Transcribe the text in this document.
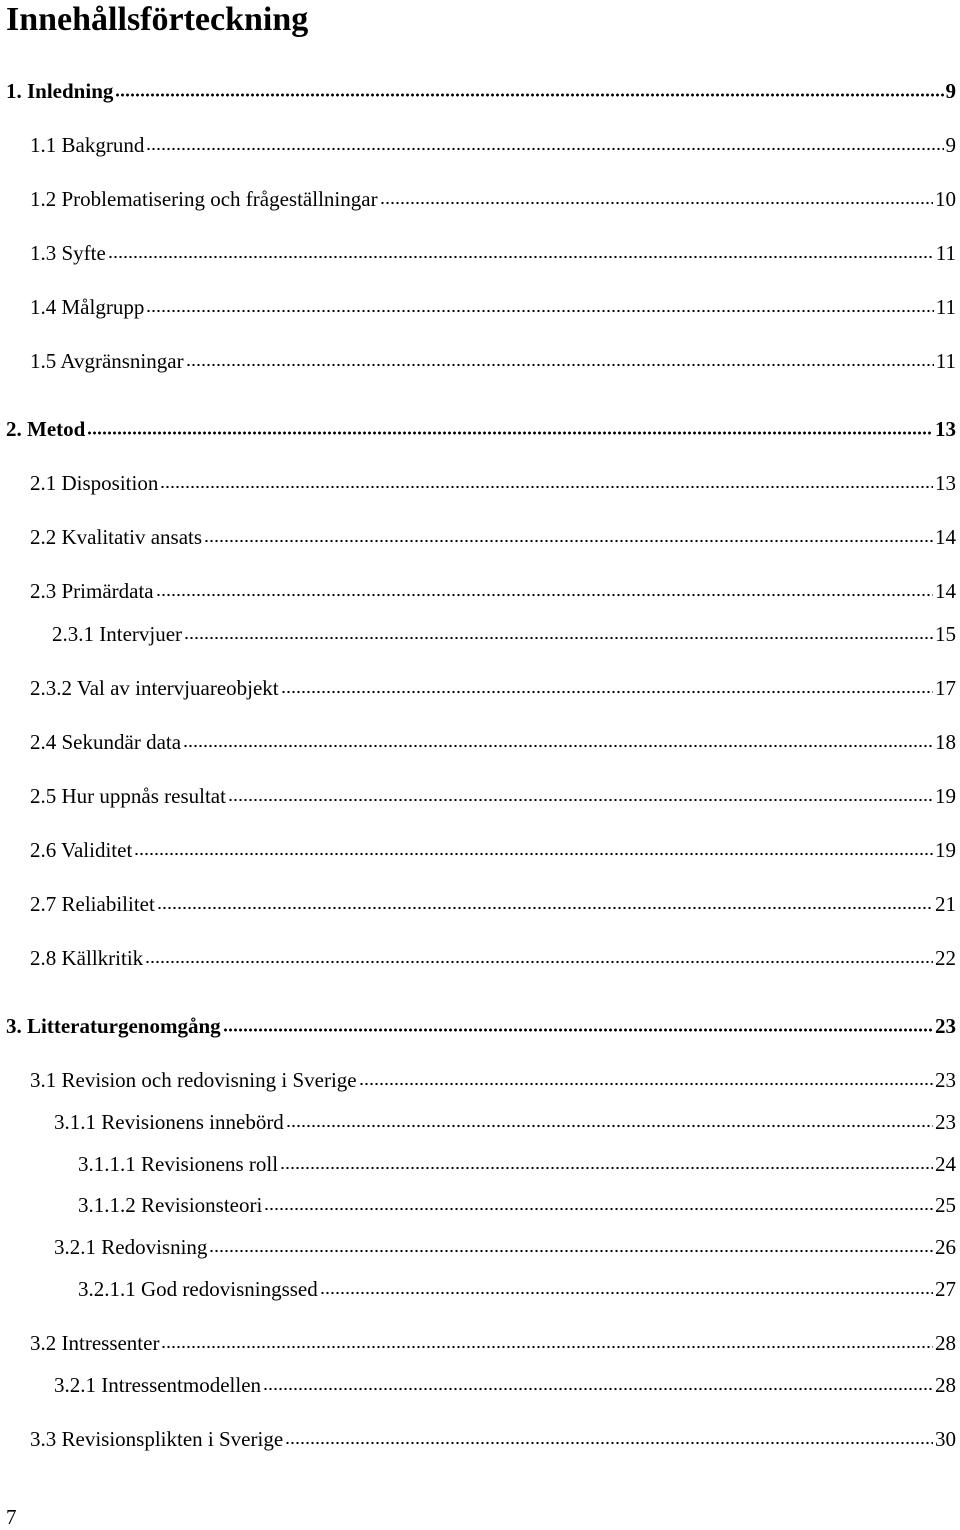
Innehållsförteckning
1. Inledning	9
1.1 Bakgrund	9
1.2 Problematisering och frågeställningar	10
1.3 Syfte	11
1.4 Målgrupp	11
1.5 Avgränsningar	11
2. Metod	13
2.1 Disposition	13
2.2 Kvalitativ ansats	14
2.3 Primärdata	14
2.3.1 Intervjuer	15
2.3.2 Val av intervjuareobjekt	17
2.4 Sekundär data	18
2.5 Hur uppnås resultat	19
2.6 Validitet	19
2.7 Reliabilitet	21
2.8 Källkritik	22
3. Litteraturgenomgång	23
3.1 Revision och redovisning i Sverige	23
3.1.1 Revisionens innebörd	23
3.1.1.1 Revisionens roll	24
3.1.1.2 Revisionsteori	25
3.2.1 Redovisning	26
3.2.1.1 God redovisningssed	27
3.2 Intressenter	28
3.2.1 Intressentmodellen	28
3.3 Revisionsplikten i Sverige	30
7
